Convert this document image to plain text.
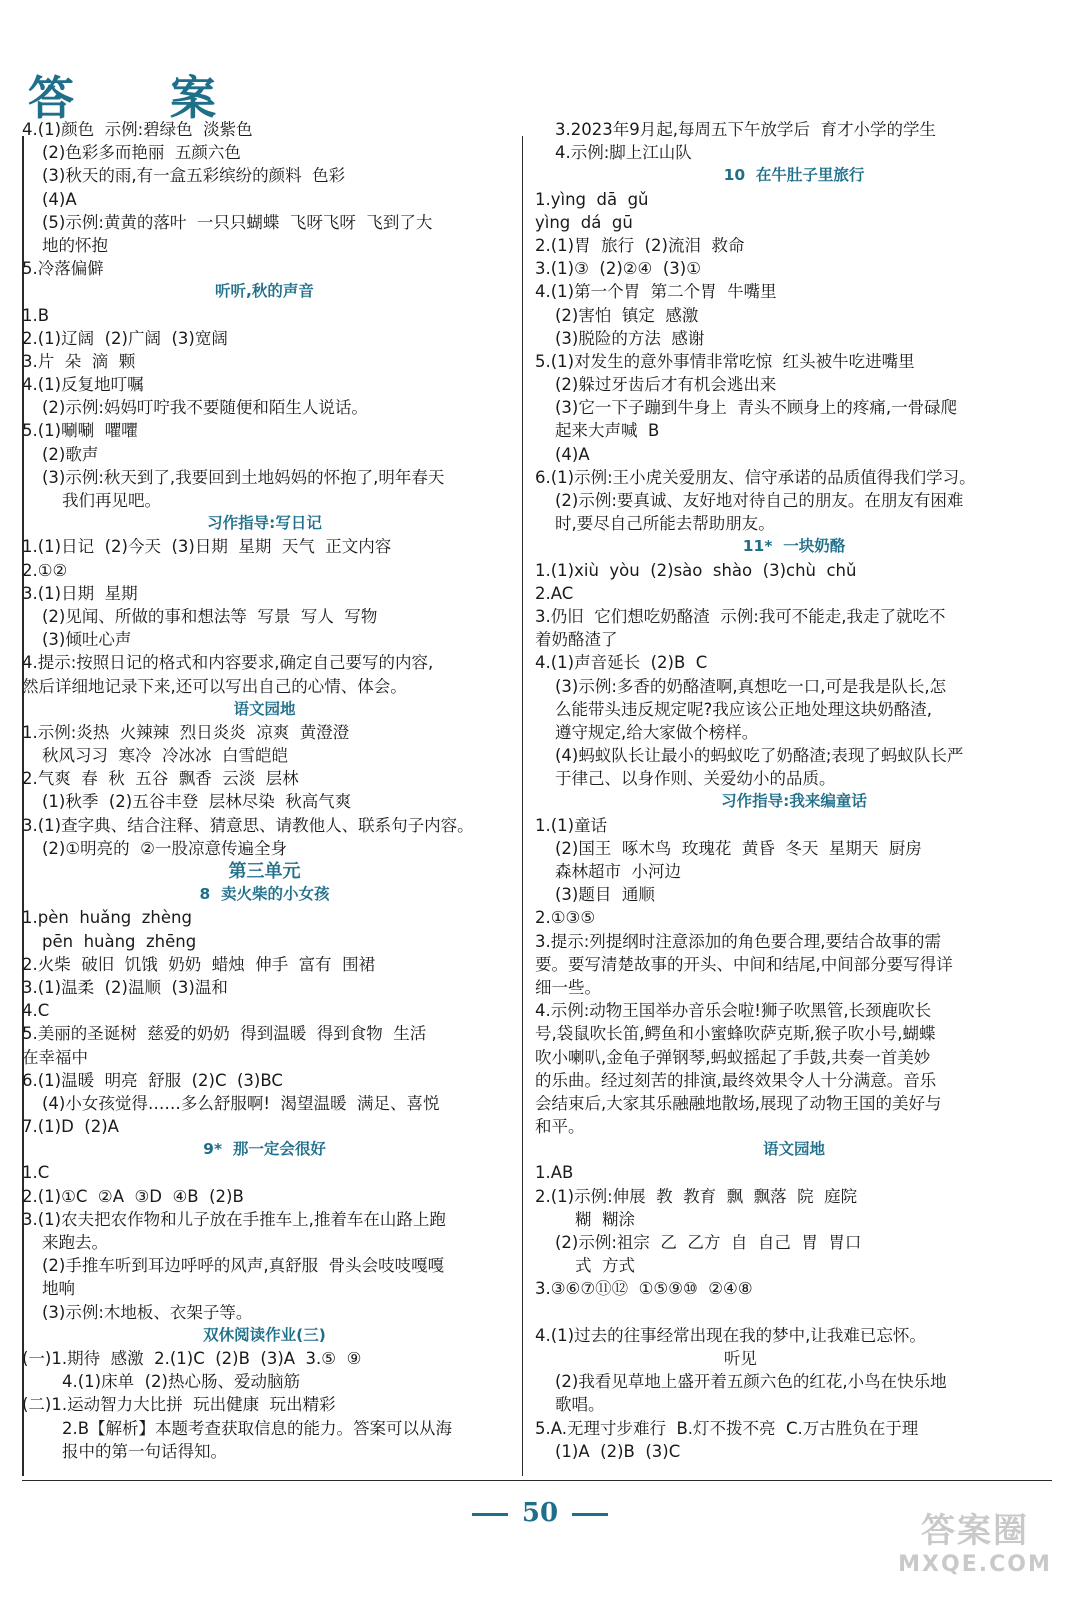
答 案
4.(1)颜色  示例:碧绿色  淡紫色
(2)色彩多而艳丽  五颜六色
(3)秋天的雨,有一盒五彩缤纷的颜料  色彩
(4)A
(5)示例:黄黄的落叶  一只只蝴蝶  飞呀飞呀  飞到了大
地的怀抱
5.冷落偏僻
听听,秋的声音
1.B
2.(1)辽阔  (2)广阔  (3)宽阔
3.片  朵  滴  颗
4.(1)反复地叮嘱
(2)示例:妈妈叮咛我不要随便和陌生人说话。
5.(1)唰唰  㘗㘗
(2)歌声
(3)示例:秋天到了,我要回到土地妈妈的怀抱了,明年春天
我们再见吧。
习作指导:写日记
1.(1)日记  (2)今天  (3)日期  星期  天气  正文内容
2.①②
3.(1)日期  星期
(2)见闻、所做的事和想法等  写景  写人  写物
(3)倾吐心声
4.提示:按照日记的格式和内容要求,确定自己要写的内容,
然后详细地记录下来,还可以写出自己的心情、体会。
语文园地
1.示例:炎热  火辣辣  烈日炎炎  凉爽  黄澄澄
秋风习习  寒冷  冷冰冰  白雪皑皑
2.气爽  春  秋  五谷  飘香  云淡  层林
(1)秋季  (2)五谷丰登  层林尽染  秋高气爽
3.(1)查字典、结合注释、猜意思、请教他人、联系句子内容。
(2)①明亮的  ②一股凉意传遍全身
第三单元
8  卖火柴的小女孩
1.pèn  huǎng  zhèng
pēn  huàng  zhēng
2.火柴  破旧  饥饿  奶奶  蜡烛  伸手  富有  围裙
3.(1)温柔  (2)温顺  (3)温和
4.C
5.美丽的圣诞树  慈爱的奶奶  得到温暖  得到食物  生活
在幸福中
6.(1)温暖  明亮  舒服  (2)C  (3)BC
(4)小女孩觉得……多么舒服啊!  渴望温暖  满足、喜悦
7.(1)D  (2)A
9*  那一定会很好
1.C
2.(1)①C  ②A  ③D  ④B  (2)B
3.(1)农夫把农作物和儿子放在手推车上,推着车在山路上跑
来跑去。
(2)手推车听到耳边呼呼的风声,真舒服  骨头会吱吱嘎嘎
地响
(3)示例:木地板、衣架子等。
双休阅读作业(三)
(一)1.期待  感激  2.(1)C  (2)B  (3)A  3.⑤  ⑨
4.(1)床单  (2)热心肠、爱动脑筋
(二)1.运动智力大比拼  玩出健康  玩出精彩
2.B【解析】本题考查获取信息的能力。答案可以从海
报中的第一句话得知。
3.2023年9月起,每周五下午放学后  育才小学的学生
4.示例:脚上江山队
10  在牛肚子里旅行
1.yìng  dā  gǔ
yìng  dá  gū
2.(1)胃  旅行  (2)流泪  救命
3.(1)③  (2)②④  (3)①
4.(1)第一个胃  第二个胃  牛嘴里
(2)害怕  镇定  感激
(3)脱险的方法  感谢
5.(1)对发生的意外事情非常吃惊  红头被牛吃进嘴里
(2)躲过牙齿后才有机会逃出来
(3)它一下子蹦到牛身上  青头不顾身上的疼痛,一骨碌爬
起来大声喊  B
(4)A
6.(1)示例:王小虎关爱朋友、信守承诺的品质值得我们学习。
(2)示例:要真诚、友好地对待自己的朋友。在朋友有困难
时,要尽自己所能去帮助朋友。
11*  一块奶酪
1.(1)xiù  yòu  (2)sào  shào  (3)chù  chǔ
2.AC
3.仍旧  它们想吃奶酪渣  示例:我可不能走,我走了就吃不
着奶酪渣了
4.(1)声音延长  (2)B  C
(3)示例:多香的奶酪渣啊,真想吃一口,可是我是队长,怎
么能带头违反规定呢?我应该公正地处理这块奶酪渣,
遵守规定,给大家做个榜样。
(4)蚂蚁队长让最小的蚂蚁吃了奶酪渣;表现了蚂蚁队长严
于律己、以身作则、关爱幼小的品质。
习作指导:我来编童话
1.(1)童话
(2)国王  啄木鸟  玫瑰花  黄昏  冬天  星期天  厨房
森林超市  小河边
(3)题目  通顺
2.①③⑤
3.提示:列提纲时注意添加的角色要合理,要结合故事的需
要。要写清楚故事的开头、中间和结尾,中间部分要写得详
细一些。
4.示例:动物王国举办音乐会啦!狮子吹黑管,长颈鹿吹长
号,袋鼠吹长笛,鳄鱼和小蜜蜂吹萨克斯,猴子吹小号,蝴蝶
吹小喇叭,金龟子弹钢琴,蚂蚁摇起了手鼓,共奏一首美妙
的乐曲。经过刻苦的排演,最终效果令人十分满意。音乐
会结束后,大家其乐融融地散场,展现了动物王国的美好与
和平。
语文园地
1.AB
2.(1)示例:伸展  教  教育  飘  飘落  院  庭院
糊  糊涂
(2)示例:祖宗  乙  乙方  自  自己  胃  胃口
式  方式
3.③⑥⑦⑪⑫  ①⑤⑨⑩  ②④⑧
4.(1)过去的往事经常出现在我的梦中,让我难已忘怀。
听见
(2)我看见草地上盛开着五颜六色的红花,小鸟在快乐地
歌唱。
5.A.无理寸步难行  B.灯不拨不亮  C.万古胜负在于理
(1)A  (2)B  (3)C
50	答案圈
MXQE.COM
